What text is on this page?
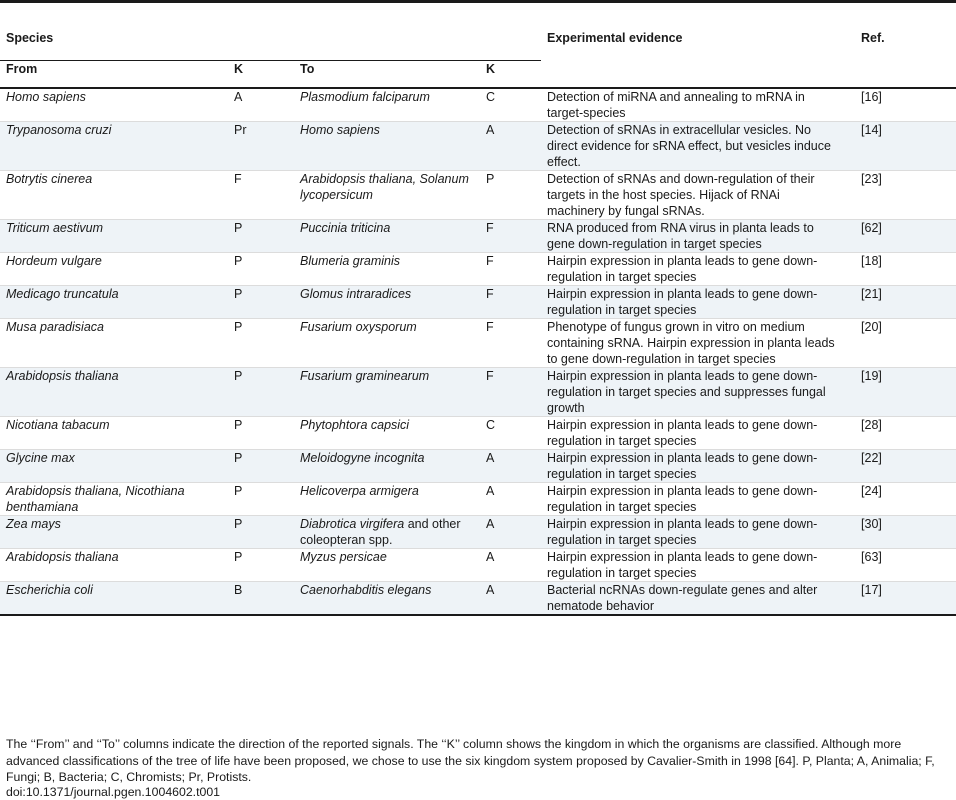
Species				Experimental evidence	Ref.
From	K	To	K		
Homo sapiens	A	Plasmodium falciparum	C	Detection of miRNA and annealing to mRNA in target-species	[16]
Trypanosoma cruzi	Pr	Homo sapiens	A	Detection of sRNAs in extracellular vesicles. No direct evidence for sRNA effect, but vesicles induce effect.	[14]
Botrytis cinerea	F	Arabidopsis thaliana, Solanum lycopersicum	P	Detection of sRNAs and down-regulation of their targets in the host species. Hijack of RNAi machinery by fungal sRNAs.	[23]
Triticum aestivum	P	Puccinia triticina	F	RNA produced from RNA virus in planta leads to gene down-regulation in target species	[62]
Hordeum vulgare	P	Blumeria graminis	F	Hairpin expression in planta leads to gene down-regulation in target species	[18]
Medicago truncatula	P	Glomus intraradices	F	Hairpin expression in planta leads to gene down-regulation in target species	[21]
Musa paradisiaca	P	Fusarium oxysporum	F	Phenotype of fungus grown in vitro on medium containing sRNA. Hairpin expression in planta leads to gene down-regulation in target species	[20]
Arabidopsis thaliana	P	Fusarium graminearum	F	Hairpin expression in planta leads to gene down-regulation in target species and suppresses fungal growth	[19]
Nicotiana tabacum	P	Phytophtora capsici	C	Hairpin expression in planta leads to gene down-regulation in target species	[28]
Glycine max	P	Meloidogyne incognita	A	Hairpin expression in planta leads to gene down-regulation in target species	[22]
Arabidopsis thaliana, Nicothiana benthamiana	P	Helicoverpa armigera	A	Hairpin expression in planta leads to gene down-regulation in target species	[24]
Zea mays	P	Diabrotica virgifera and other coleopteran spp.	A	Hairpin expression in planta leads to gene down-regulation in target species	[30]
Arabidopsis thaliana	P	Myzus persicae	A	Hairpin expression in planta leads to gene down-regulation in target species	[63]
Escherichia coli	B	Caenorhabditis elegans	A	Bacterial ncRNAs down-regulate genes and alter nematode behavior	[17]
The ‘‘From’’ and ‘‘To’’ columns indicate the direction of the reported signals. The ‘‘K’’ column shows the kingdom in which the organisms are classified. Although more advanced classifications of the tree of life have been proposed, we chose to use the six kingdom system proposed by Cavalier-Smith in 1998 [64]. P, Planta; A, Animalia; F, Fungi; B, Bacteria; C, Chromists; Pr, Protists.
doi:10.1371/journal.pgen.1004602.t001
